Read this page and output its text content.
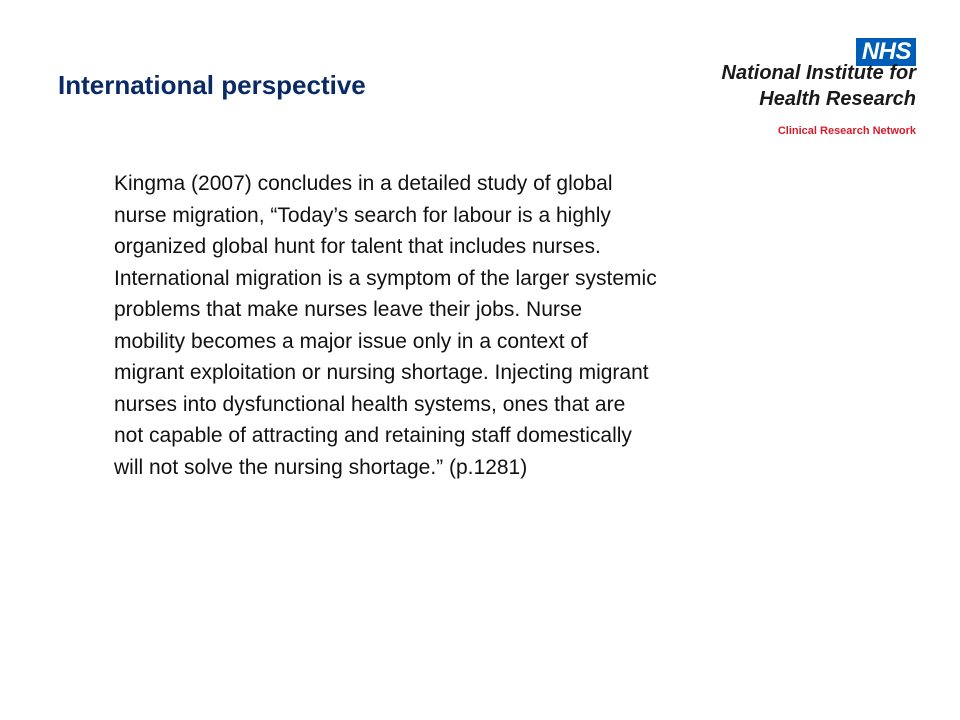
International perspective
NHS
National Institute for
Health Research
Clinical Research Network
Kingma (2007) concludes in a detailed study of global
nurse migration, “Today’s search for labour is a highly
organized global hunt for talent that includes nurses.
International migration is a symptom of the larger systemic
problems that make nurses leave their jobs. Nurse
mobility becomes a major issue only in a context of
migrant exploitation or nursing shortage. Injecting migrant
nurses into dysfunctional health systems, ones that are
not capable of attracting and retaining staff domestically
will not solve the nursing shortage.” (p.1281)
